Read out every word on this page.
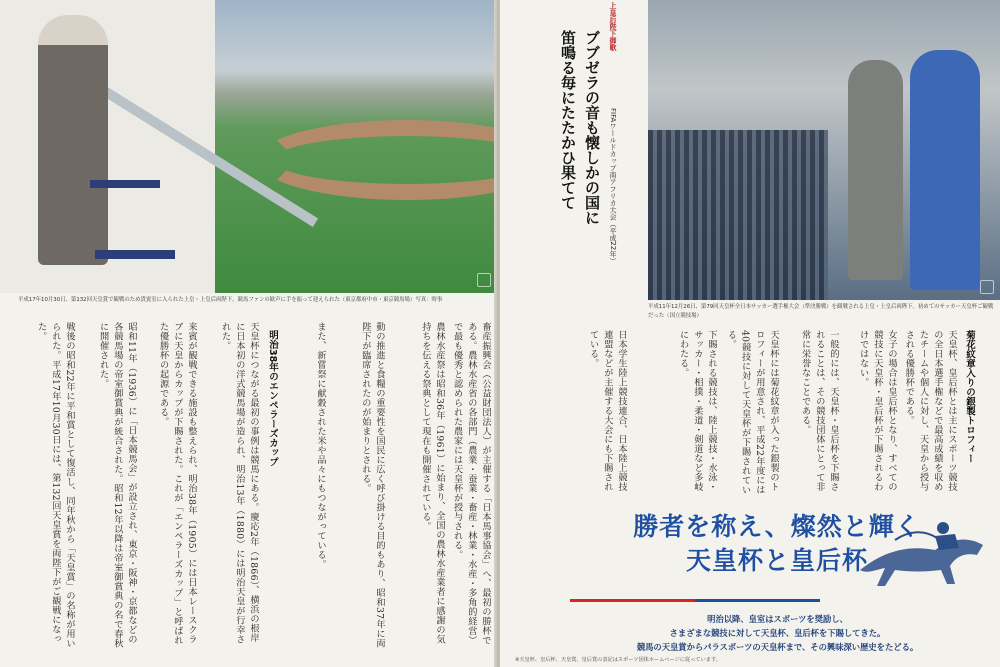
平成17年10月30日、第132回天皇賞で観戦のため貴賓室に入られた上皇・上皇后両陛下。競馬ファンの歓声に手を振って迎えられた（東京都府中市・東京競馬場）写真：時事
畜産振興会（公益財団法人）が主催する「日本馬事協会」へ、最初の勝杯である。農林水産省の各部門（農業・蚕業・畜産・林業・水産・多角的経営）で最も優秀と認められた農家には天皇杯が授与される。
農林水産祭は昭和36年（1961）に始まり、全国の農林水産業者に感謝の気持ちを伝える祭典として現在も開催されている。
動の推進と食糧の重要性を国民に広く呼び掛ける目的もあり、昭和37年に両陛下が臨席されたのが始まりとされる。
また、新嘗祭に献穀された米や品々にもつながっている。
明治38年のエンペラーズカップ
天皇杯につながる最初の事例は競馬にある。慶応2年（1866）、横浜の根岸に日本初の洋式競馬場が造られ、明治13年（1880）には明治天皇が行幸された。
来賓が観戦できる施設も整えられ、明治38年（1905）には日本レースクラブに天皇からカップが下賜された。これが「エンペラーズカップ」と呼ばれた優勝杯の起源である。
昭和11年（1936）に「日本競馬会」が設立され、東京・阪神・京都などの各競馬場の帝室御賞典が統合された。昭和12年以降は帝室御賞典の名で春秋に開催された。
戦後の昭和22年に平和賞として復活し、同年秋から「天皇賞」の名称が用いられた。平成17年10月30日には、第132回天皇賞を両陛下がご観戦になった。
上皇后陛下御歌
FIFAワールドカップ南アフリカ大会（平成22年）
ブブゼラの音も懐しかの国に
笛鳴る毎にたたかひ果てて
平成11年12月26日、第79回天皇杯全日本サッカー選手権大会（準決勝戦）を観戦される上皇・上皇后両陛下。初めてのサッカー天皇杯ご観戦だった（国立競技場）
菊花紋章入りの銀製トロフィー
天皇杯、皇后杯とは主にスポーツ競技の全日本選手権などで最高成績を収めたチームや個人に対し、天皇から授与される優勝杯である。
女子の場合は皇后杯となり、すべての競技に天皇杯・皇后杯が下賜されるわけではない。
一般的には、天皇杯・皇后杯を下賜されることは、その競技団体にとって非常に栄誉なことである。
天皇杯には菊花紋章が入った銀製のトロフィーが用意され、平成22年度には40競技に対して天皇杯が下賜されている。
下賜される競技は、陸上競技・水泳・サッカー・相撲・柔道・剣道など多岐にわたる。
日本学生陸上競技連合、日本陸上競技連盟などが主催する大会にも下賜されている。
勝者を称え、燦然と輝く
天皇杯と皇后杯
明治以降、皇室はスポーツを奨励し、
さまざまな競技に対して天皇杯、皇后杯を下賜してきた。
競馬の天皇賞からパラスポーツの天皇杯まで、その興味深い歴史をたどる。
※天皇杯、皇后杯、天皇賞、皇后賞の表記はスポーツ団体ホームページに従っています。
